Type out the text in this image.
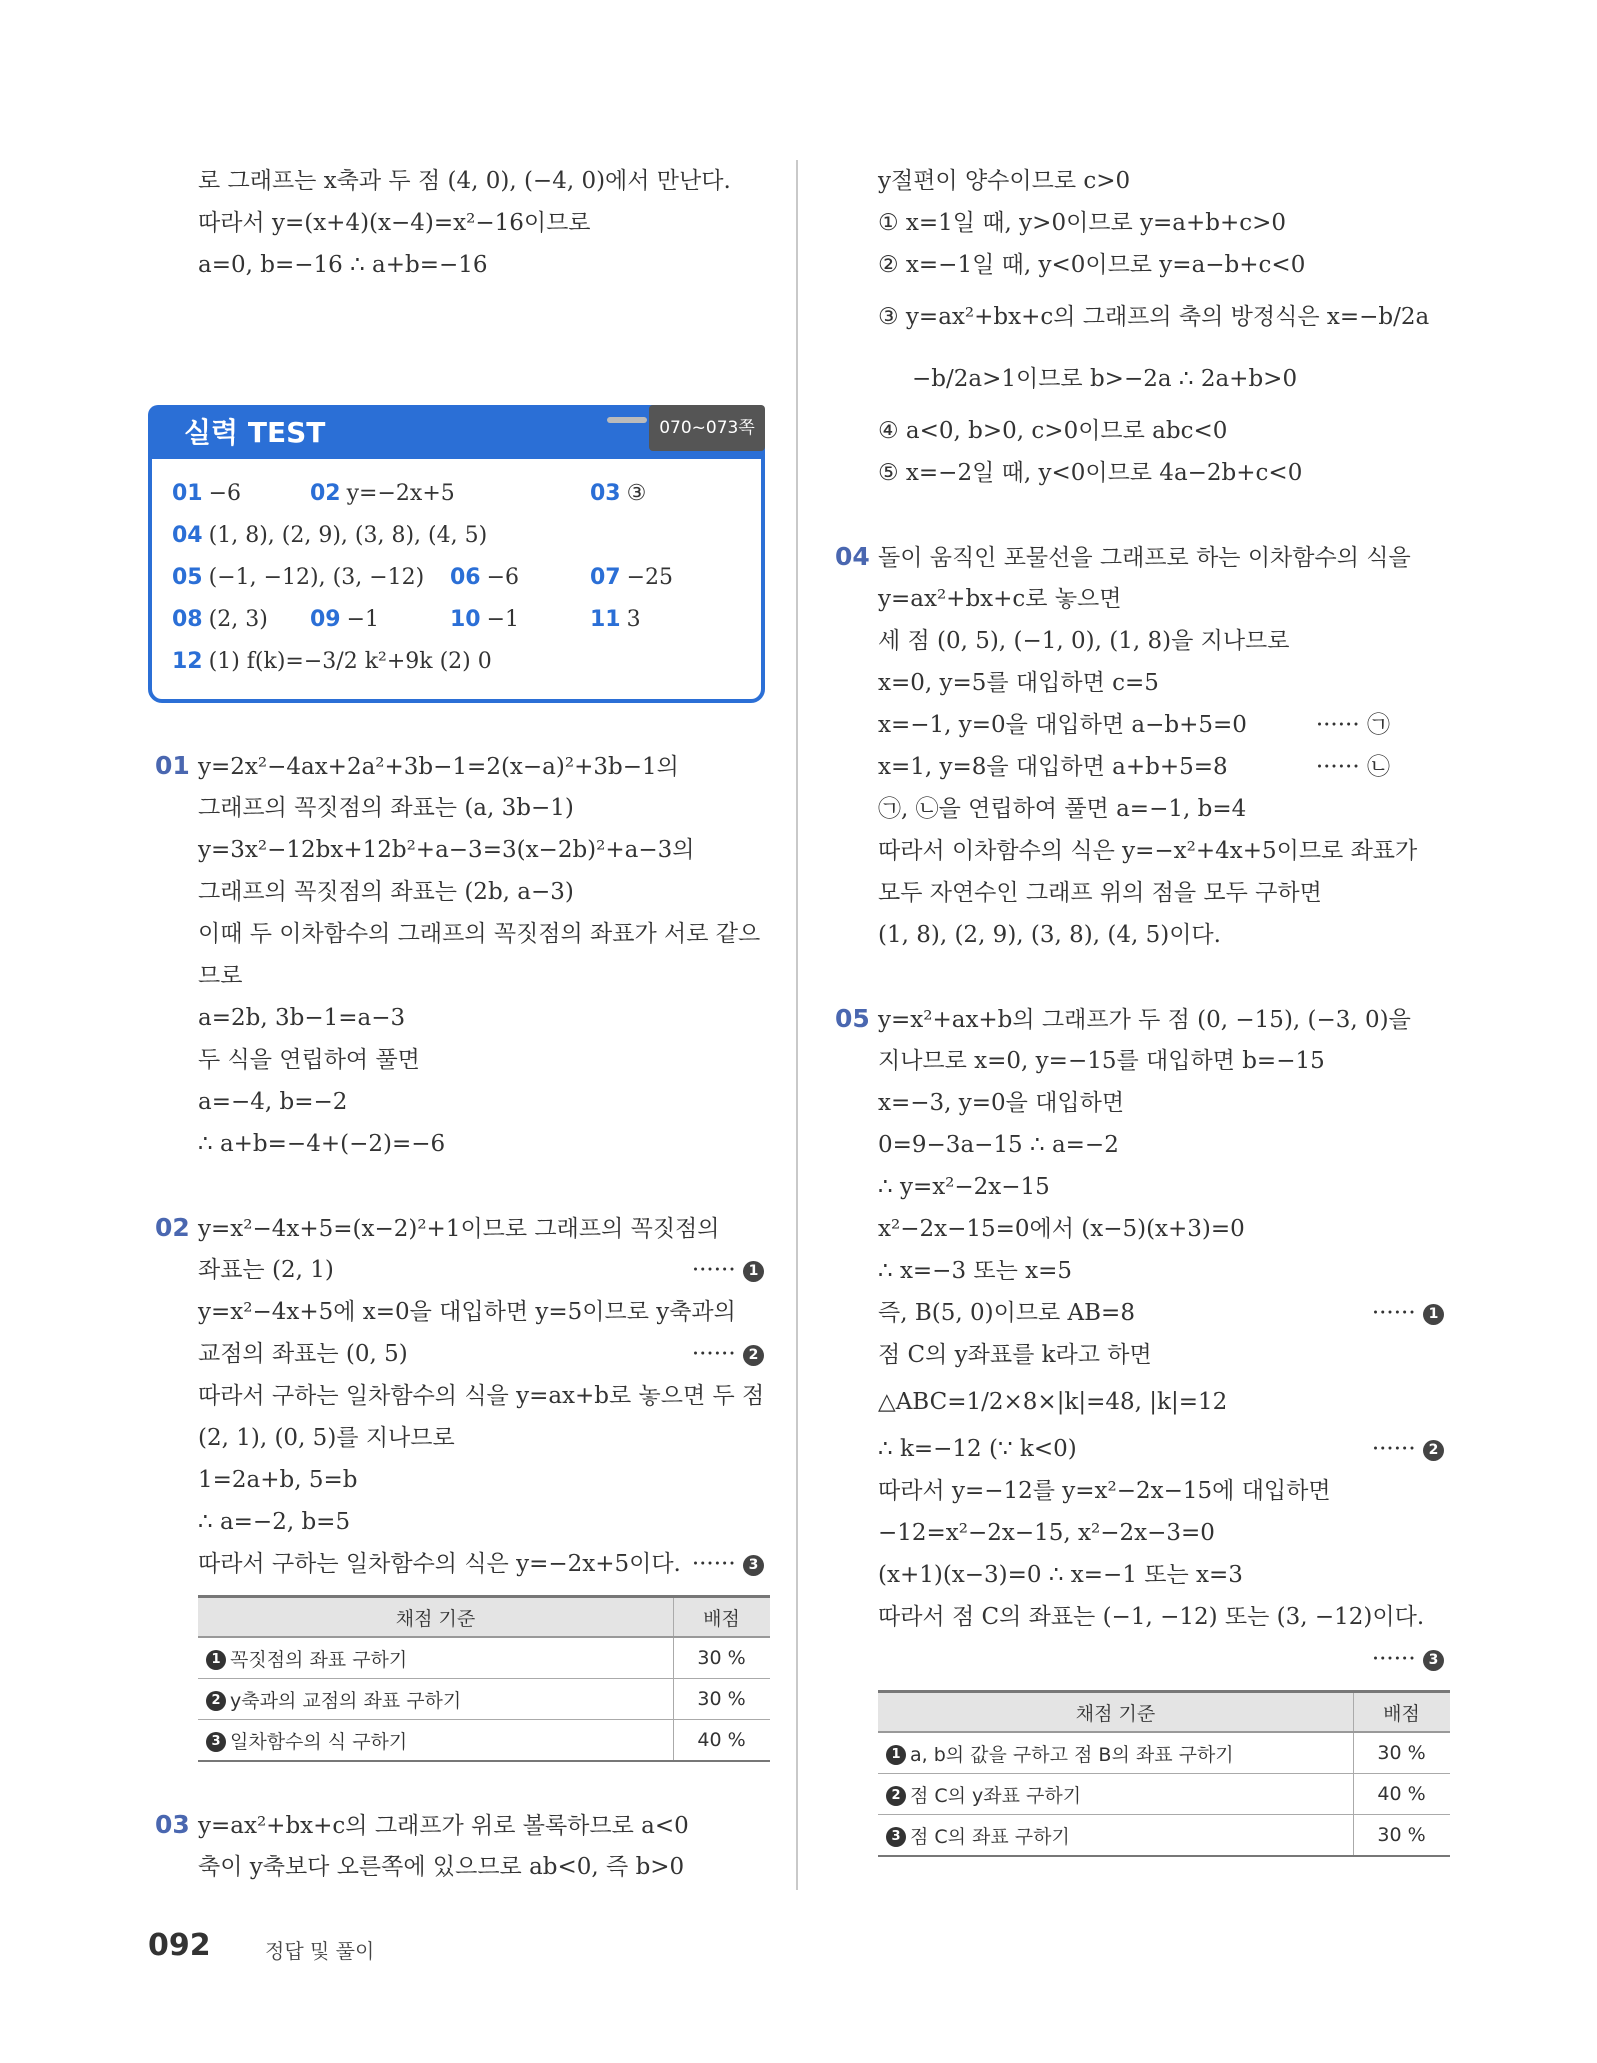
로 그래프는 x축과 두 점 (4, 0), (−4, 0)에서 만난다.
따라서 y=(x+4)(x−4)=x²−16이므로
a=0, b=−16 ∴ a+b=−16
실력 TEST	070~073쪽
01 −6	02 y=−2x+5	03 ③
04 (1, 8), (2, 9), (3, 8), (4, 5)
05 (−1, −12), (3, −12) 06 −6	07 −25
08 (2, 3) 09 −1	10 −1	11 3
12 (1) f(k)=−3/2 k²+9k (2) 0
01 y=2x²−4ax+2a²+3b−1=2(x−a)²+3b−1의
그래프의 꼭짓점의 좌표는 (a, 3b−1)
y=3x²−12bx+12b²+a−3=3(x−2b)²+a−3의
그래프의 꼭짓점의 좌표는 (2b, a−3)
이때 두 이차함수의 그래프의 꼭짓점의 좌표가 서로 같으
므로
a=2b, 3b−1=a−3
두 식을 연립하여 풀면
a=−4, b=−2
∴ a+b=−4+(−2)=−6
02 y=x²−4x+5=(x−2)²+1이므로 그래프의 꼭짓점의
좌표는 (2, 1)	······ 1
y=x²−4x+5에 x=0을 대입하면 y=5이므로 y축과의
교점의 좌표는 (0, 5)	······ 2
따라서 구하는 일차함수의 식을 y=ax+b로 놓으면 두 점
(2, 1), (0, 5)를 지나므로
1=2a+b, 5=b
∴ a=−2, b=5
따라서 구하는 일차함수의 식은 y=−2x+5이다. ······ 3
채점 기준	배점
1 꼭짓점의 좌표 구하기	30 %
2 y축과의 교점의 좌표 구하기	30 %
3 일차함수의 식 구하기	40 %
03 y=ax²+bx+c의 그래프가 위로 볼록하므로 a<0
축이 y축보다 오른쪽에 있으므로 ab<0, 즉 b>0
y절편이 양수이므로 c>0
① x=1일 때, y>0이므로 y=a+b+c>0
② x=−1일 때, y<0이므로 y=a−b+c<0
③ y=ax²+bx+c의 그래프의 축의 방정식은 x=−b/2a
−b/2a>1이므로 b>−2a ∴ 2a+b>0
④ a<0, b>0, c>0이므로 abc<0
⑤ x=−2일 때, y<0이므로 4a−2b+c<0
04 돌이 움직인 포물선을 그래프로 하는 이차함수의 식을
y=ax²+bx+c로 놓으면
세 점 (0, 5), (−1, 0), (1, 8)을 지나므로
x=0, y=5를 대입하면 c=5
x=−1, y=0을 대입하면 a−b+5=0	······ ㉠
x=1, y=8을 대입하면 a+b+5=8	······ ㉡
㉠, ㉡을 연립하여 풀면 a=−1, b=4
따라서 이차함수의 식은 y=−x²+4x+5이므로 좌표가
모두 자연수인 그래프 위의 점을 모두 구하면
(1, 8), (2, 9), (3, 8), (4, 5)이다.
05 y=x²+ax+b의 그래프가 두 점 (0, −15), (−3, 0)을
지나므로 x=0, y=−15를 대입하면 b=−15
x=−3, y=0을 대입하면
0=9−3a−15 ∴ a=−2
∴ y=x²−2x−15
x²−2x−15=0에서 (x−5)(x+3)=0
∴ x=−3 또는 x=5
즉, B(5, 0)이므로 AB=8	······ 1
점 C의 y좌표를 k라고 하면
△ABC=1/2×8×|k|=48, |k|=12
∴ k=−12 (∵ k<0)	······ 2
따라서 y=−12를 y=x²−2x−15에 대입하면
−12=x²−2x−15, x²−2x−3=0
(x+1)(x−3)=0 ∴ x=−1 또는 x=3
따라서 점 C의 좌표는 (−1, −12) 또는 (3, −12)이다.
······ 3
채점 기준	배점
1 a, b의 값을 구하고 점 B의 좌표 구하기	30 %
2 점 C의 y좌표 구하기	40 %
3 점 C의 좌표 구하기	30 %
092	정답 및 풀이
